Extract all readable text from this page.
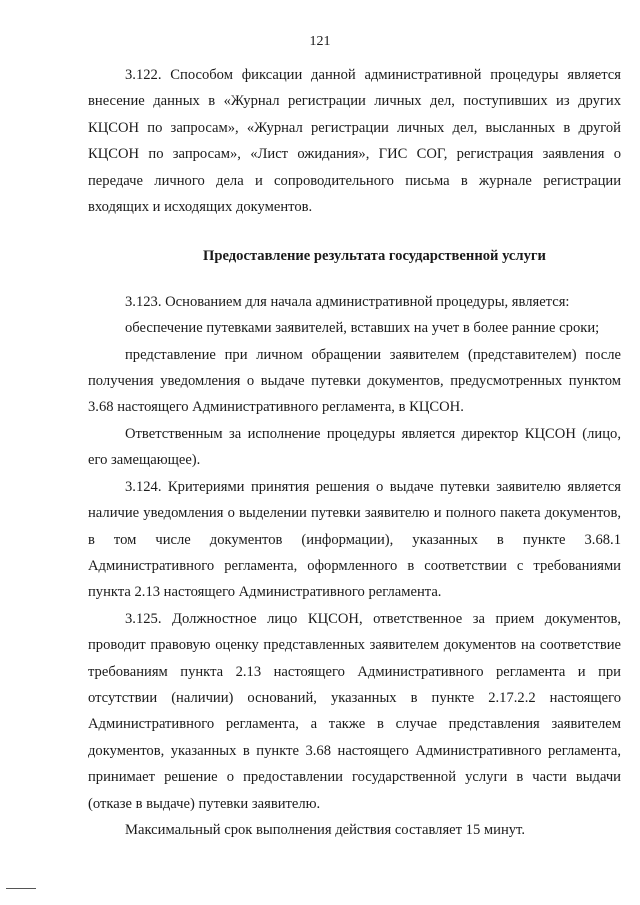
121

3.122. Способом фиксации данной административной процедуры является внесение данных в «Журнал регистрации личных дел, поступивших из других КЦСОН по запросам», «Журнал регистрации личных дел, высланных в другой КЦСОН по запросам», «Лист ожидания», ГИС СОГ, регистрация заявления о передаче личного дела и сопроводительного письма в журнале регистрации входящих и исходящих документов.

Предоставление результата государственной услуги

3.123. Основанием для начала административной процедуры, является:

обеспечение путевками заявителей, вставших на учет в более ранние сроки;

представление при личном обращении заявителем (представителем) после получения уведомления о выдаче путевки документов, предусмотренных пунктом 3.68 настоящего Административного регламента, в КЦСОН.

Ответственным за исполнение процедуры является директор КЦСОН (лицо, его замещающее).

3.124. Критериями принятия решения о выдаче путевки заявителю является наличие уведомления о выделении путевки заявителю и полного пакета документов, в том числе документов (информации), указанных в пункте 3.68.1 Административного регламента, оформленного в соответствии с требованиями пункта 2.13 настоящего Административного регламента.

3.125. Должностное лицо КЦСОН, ответственное за прием документов, проводит правовую оценку представленных заявителем документов на соответствие требованиям пункта 2.13 настоящего Административного регламента и при отсутствии (наличии) оснований, указанных в пункте 2.17.2.2 настоящего Административного регламента, а также в случае представления заявителем документов, указанных в пункте 3.68 настоящего Административного регламента, принимает решение о предоставлении государственной услуги в части выдачи (отказе в выдаче) путевки заявителю.

Максимальный срок выполнения действия составляет 15 минут.
